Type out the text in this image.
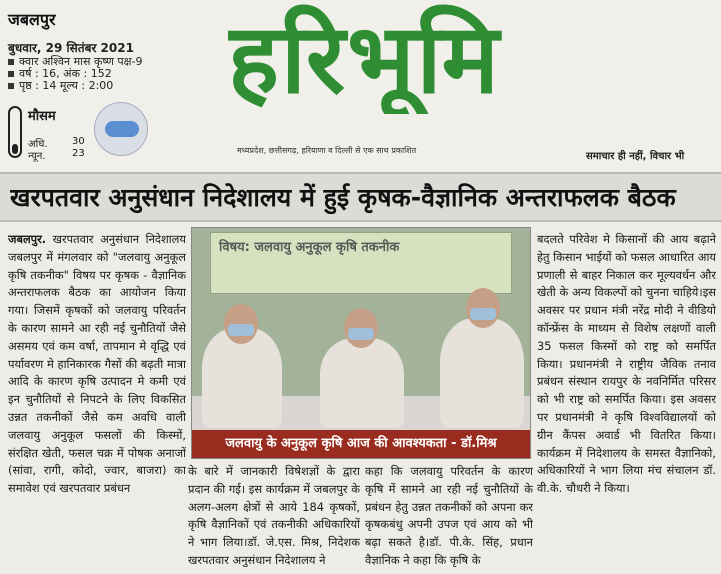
जबलपुर
बुधवार, 29 सितंबर 2021
क्वार अश्विन मास कृष्ण पक्ष-9
वर्ष : 16, अंक : 152
पृष्ठ : 14 मूल्य : 2:00
मौसम
अधि. 30
न्यून.	23
हरिभूमि
मध्यप्रदेश, छत्तीसगढ़, हरियाणा व दिल्ली से एक साथ प्रकाशित
समाचार ही नहीं, विचार भी
खरपतवार अनुसंधान निदेशालय में हुई कृषक-वैज्ञानिक अन्तराफलक बैठक
जबलपुर. खरपतवार अनुसंधान निदेशालय जबलपुर में मंगलवार को "जलवायु अनुकूल कृषि तकनीक" विषय पर कृषक - वैज्ञानिक अन्तराफलक बैठक का आयोजन किया गया। जिसमें कृषकों को जलवायु परिवर्तन के कारण सामने आ रही नई चुनौतियों जैसे असमय एवं कम वर्षा, तापमान मे वृद्धि एवं पर्यावरण मे हानिकारक गैसों की बढ़ती मात्रा आदि के कारण कृषि उत्पादन मे कमी एवं इन चुनौतियों से निपटने के लिए विकसित उन्नत तकनीकों जैसे कम अवधि वाली जलवायु अनुकूल फसलों की किस्मों, संरक्षित खेती, फसल चक्र में पोषक अनाजों (सांवा, रागी, कोदो, ज्वार, बाजरा) का समावेश एवं खरपतवार प्रबंधन
विषय: जलवायु अनुकूल कृषि तकनीक
जलवायु के अनुकूल कृषि आज की आवश्यकता - डॉ.मिश्र
के बारे में जानकारी विषेशज्ञों के द्वारा प्रदान की गई। इस कार्यक्रम में जबलपुर के अलग-अलग क्षेत्रों से आये 184 कृषकों, कृषि वैज्ञानिकों एवं तकनीकी अधिकारियों ने भाग लिया।डॉ. जे.एस. मिश्र, निदेशक खरपतवार अनुसंधान निदेशालय ने
कहा कि जलवायु परिवर्तन के कारण कृषि में सामने आ रही नई चुनौतियों के प्रबंधन हेतु उन्नत तकनीकों को अपना कर कृषकबंधु अपनी उपज एवं आय को भी बढ़ा सकते है।डॉ. पी.के. सिंह, प्रधान वैज्ञानिक ने कहा कि कृषि के
बदलते परिवेश मे किसानों की आय बढ़ाने हेतु किसान भाईयों को फसल आधारित आय प्रणाली से बाहर निकाल कर मूल्यवर्धन और खेती के अन्य विकल्पों को चुनना चाहिये।इस अवसर पर प्रधान मंत्री नरेंद्र मोदी ने वीडियो कॉन्फ्रेंस के माध्यम से विशेष लक्षणों वाली 35 फसल किस्मों को राष्ट्र को समर्पित किया। प्रधानमंत्री ने राष्ट्रीय जैविक तनाव प्रबंधन संस्थान रायपुर के नवनिर्मित परिसर को भी राष्ट्र को समर्पित किया। इस अवसर पर प्रधानमंत्री ने कृषि विश्वविद्यालयों को ग्रीन कैंपस अवार्ड भी वितरित किया। कार्यक्रम में निदेशालय के समस्त वैज्ञानिको, अधिकारियों ने भाग लिया मंच संचालन डॉ. वी.के. चौधरी ने किया।
